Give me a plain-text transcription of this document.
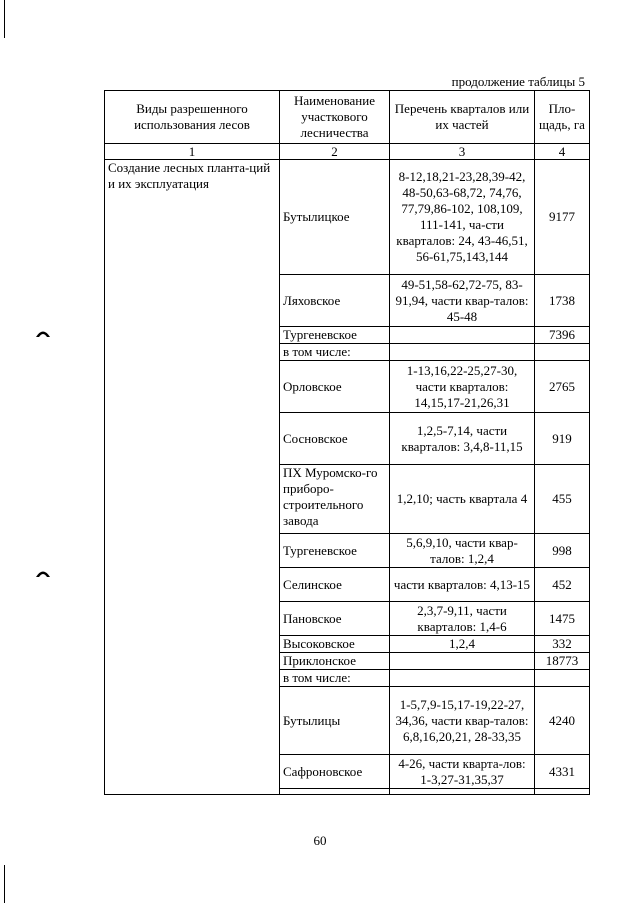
продолжение таблицы 5
Виды разрешенного использования лесов	Наименование участкового лесничества	Перечень кварталов или их частей	Пло-щадь, га
1	2	3	4
Создание лесных планта-ций и их эксплуатация	Бутылицкое	8-12,18,21-23,28,39-42, 48-50,63-68,72, 74,76, 77,79,86-102, 108,109, 111-141, ча-сти кварталов: 24, 43-46,51, 56-61,75,143,144	9177
	Ляховское	49-51,58-62,72-75, 83-91,94, части квар-талов: 45-48	1738
	Тургеневское		7396
	в том числе:		
	Орловское	1-13,16,22-25,27-30, части кварталов: 14,15,17-21,26,31	2765
	Сосновское	1,2,5-7,14, части кварталов: 3,4,8-11,15	919
	ПХ Муромско-го приборо-строительного завода	1,2,10; часть квартала 4	455
	Тургеневское	5,6,9,10, части квар-талов: 1,2,4	998
	Селинское	части кварталов: 4,13-15	452
	Пановское	2,3,7-9,11, части кварталов: 1,4-6	1475
	Высоковское	1,2,4	332
	Приклонское		18773
	в том числе:		
	Бутылицы	1-5,7,9-15,17-19,22-27, 34,36, части квар-талов: 6,8,16,20,21, 28-33,35	4240
	Сафроновское	4-26, части кварта-лов: 1-3,27-31,35,37	4331

60
